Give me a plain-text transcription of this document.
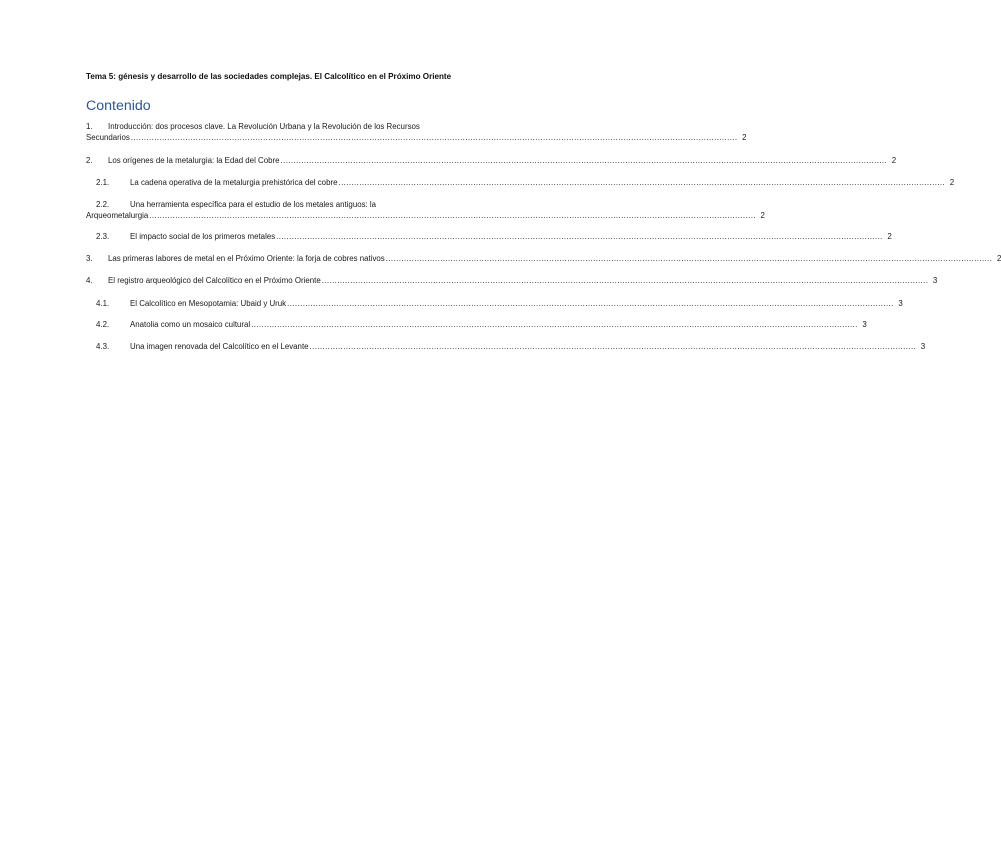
Tema 5: génesis y desarrollo de las sociedades complejas. El Calcolítico en el Próximo Oriente
Contenido
1.	Introducción: dos procesos clave. La Revolución Urbana y la Revolución de los Recursos
Secundarios .....	2
2.	Los orígenes de la metalurgia: la Edad del Cobre .....	2
2.1.	La cadena operativa de la metalurgia prehistórica del cobre .....	2
2.2.	Una herramienta específica para el estudio de los metales antiguos: la
Arqueometalurgia .....	2
2.3.	El impacto social de los primeros metales .....	2
3.	Las primeras labores de metal en el Próximo Oriente: la forja de cobres nativos .....	2
4.	El registro arqueológico del Calcolítico en el Próximo Oriente .....	3
4.1.	El Calcolítico en Mesopotamia: Ubaid y Uruk .....	3
4.2.	Anatolia como un mosaico cultural .....	3
4.3.	Una imagen renovada del Calcolítico en el Levante .....	3
